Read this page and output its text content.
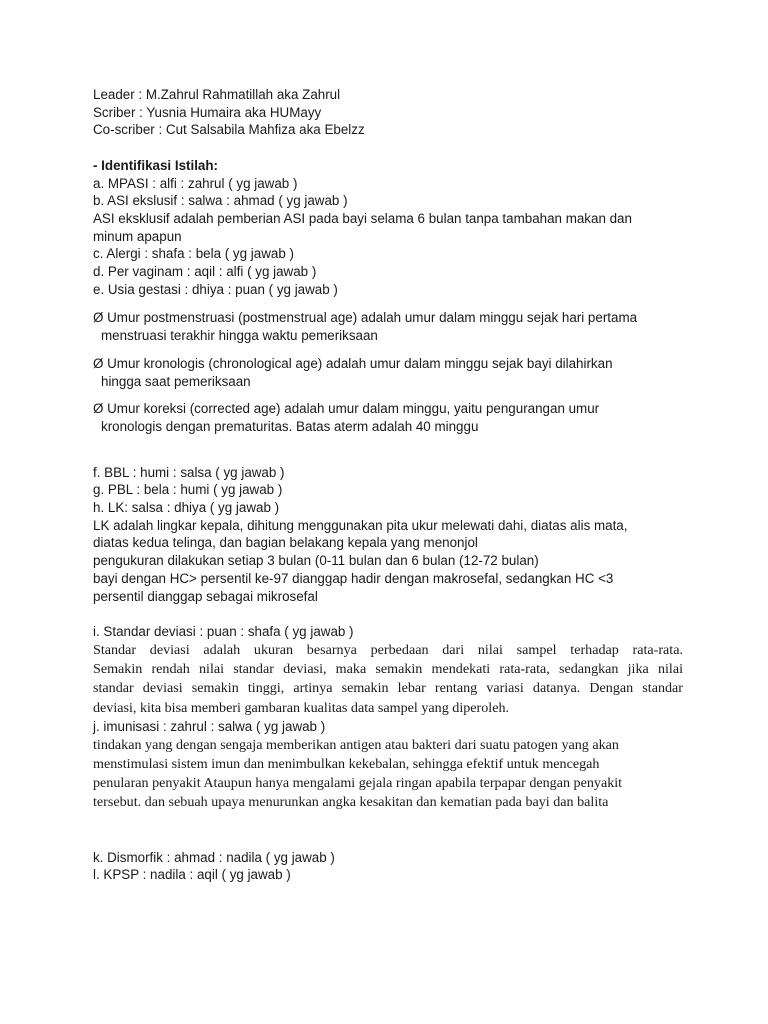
Leader : M.Zahrul Rahmatillah aka Zahrul

Scriber : Yusnia Humaira aka HUMayy

Co-scriber : Cut Salsabila Mahfiza aka Ebelzz

- Identifikasi Istilah:

a. MPASI : alfi : zahrul ( yg jawab )

b. ASI ekslusif : salwa : ahmad ( yg jawab )

ASI eksklusif adalah pemberian ASI pada bayi selama 6 bulan tanpa tambahan makan dan

minum apapun

c. Alergi : shafa : bela ( yg jawab )

d. Per vaginam : aqil : alfi ( yg jawab )

e. Usia gestasi : dhiya : puan ( yg jawab )

Ø Umur postmenstruasi (postmenstrual age) adalah umur dalam minggu sejak hari pertama

menstruasi terakhir hingga waktu pemeriksaan

Ø Umur kronologis (chronological age) adalah umur dalam minggu sejak bayi dilahirkan

hingga saat pemeriksaan

Ø Umur koreksi (corrected age) adalah umur dalam minggu, yaitu pengurangan umur

kronologis dengan prematuritas. Batas aterm adalah 40 minggu

f. BBL : humi : salsa ( yg jawab )

g. PBL : bela : humi ( yg jawab )

h. LK: salsa : dhiya ( yg jawab )

LK adalah lingkar kepala, dihitung menggunakan pita ukur melewati dahi, diatas alis mata,

diatas kedua telinga, dan bagian belakang kepala yang menonjol

pengukuran dilakukan setiap 3 bulan (0-11 bulan dan 6 bulan (12-72 bulan)

bayi dengan HC> persentil ke-97 dianggap hadir dengan makrosefal, sedangkan HC <3

persentil dianggap sebagai mikrosefal

i. Standar deviasi : puan : shafa ( yg jawab )

Standar deviasi adalah ukuran besarnya perbedaan dari nilai sampel terhadap rata-rata.

Semakin rendah nilai standar deviasi, maka semakin mendekati rata-rata, sedangkan jika nilai

standar deviasi semakin tinggi, artinya semakin lebar rentang variasi datanya. Dengan standar

deviasi, kita bisa memberi gambaran kualitas data sampel yang diperoleh.

j. imunisasi : zahrul : salwa ( yg jawab )

tindakan yang dengan sengaja memberikan antigen atau bakteri dari suatu patogen yang akan

menstimulasi sistem imun dan menimbulkan kekebalan, sehingga efektif untuk mencegah

penularan penyakit Ataupun hanya mengalami gejala ringan apabila terpapar dengan penyakit

tersebut. dan sebuah upaya menurunkan angka kesakitan dan kematian pada bayi dan balita

k. Dismorfik : ahmad : nadila ( yg jawab )

l. KPSP : nadila : aqil ( yg jawab )
